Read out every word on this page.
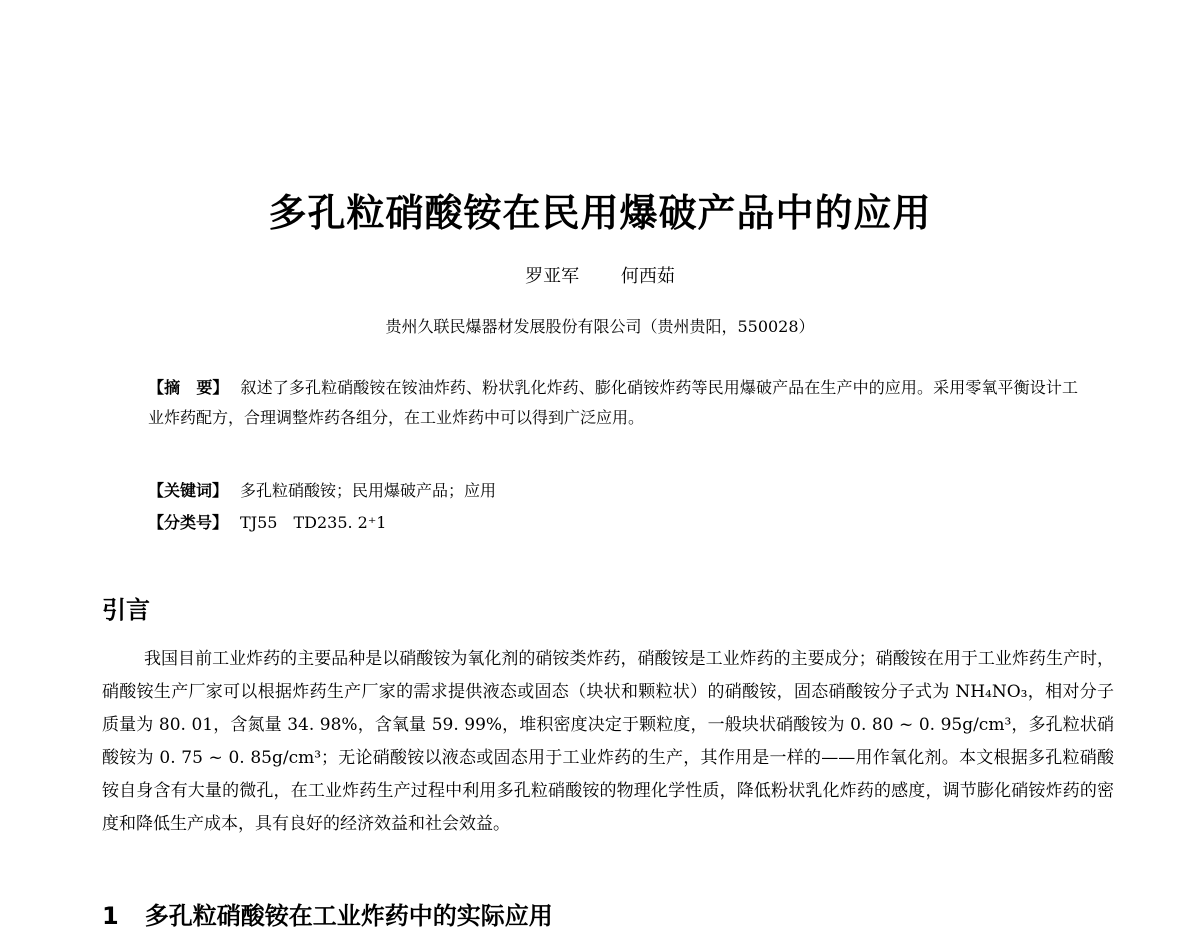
多孔粒硝酸铵在民用爆破产品中的应用
罗亚军 何西茹
贵州久联民爆器材发展股份有限公司（贵州贵阳，550028）
【摘　要】 叙述了多孔粒硝酸铵在铵油炸药、粉状乳化炸药、膨化硝铵炸药等民用爆破产品在生产中的应用。采用零氧平衡设计工业炸药配方，合理调整炸药各组分，在工业炸药中可以得到广泛应用。
【关键词】 多孔粒硝酸铵；民用爆破产品；应用
【分类号】 TJ55　TD235. 2⁺1
引言
我国目前工业炸药的主要品种是以硝酸铵为氧化剂的硝铵类炸药，硝酸铵是工业炸药的主要成分；硝酸铵在用于工业炸药生产时，硝酸铵生产厂家可以根据炸药生产厂家的需求提供液态或固态（块状和颗粒状）的硝酸铵，固态硝酸铵分子式为 NH₄NO₃，相对分子质量为 80. 01，含氮量 34. 98%，含氧量 59. 99%，堆积密度决定于颗粒度，一般块状硝酸铵为 0. 80 ~ 0. 95g/cm³，多孔粒状硝酸铵为 0. 75 ~ 0. 85g/cm³；无论硝酸铵以液态或固态用于工业炸药的生产，其作用是一样的——用作氧化剂。本文根据多孔粒硝酸铵自身含有大量的微孔，在工业炸药生产过程中利用多孔粒硝酸铵的物理化学性质，降低粉状乳化炸药的感度，调节膨化硝铵炸药的密度和降低生产成本，具有良好的经济效益和社会效益。
1 多孔粒硝酸铵在工业炸药中的实际应用
